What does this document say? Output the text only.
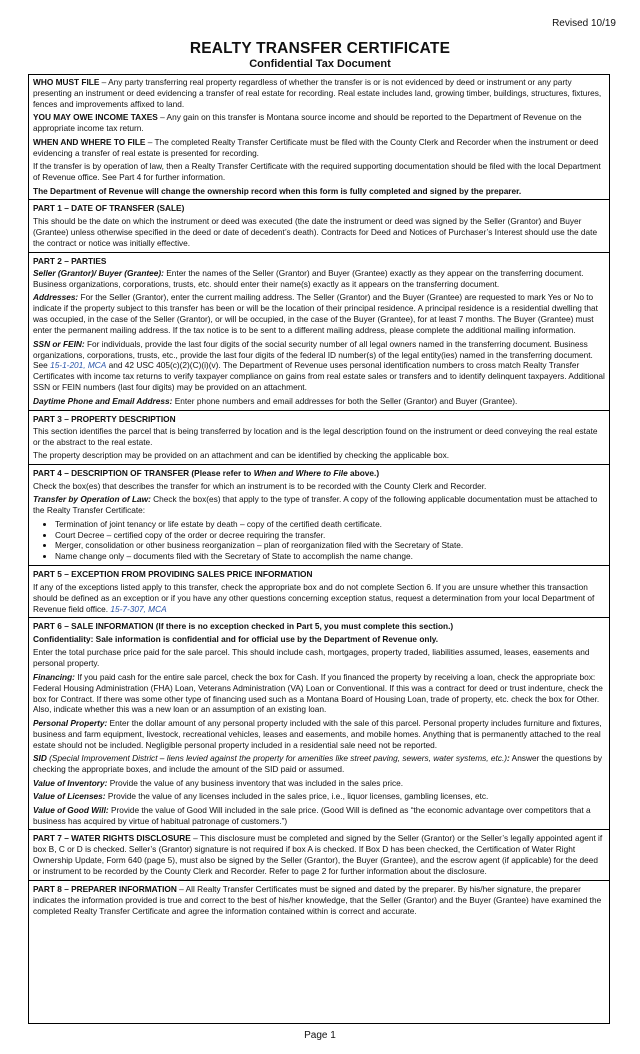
Revised 10/19
REALTY TRANSFER CERTIFICATE
Confidential Tax Document

WHO MUST FILE – Any party transferring real property regardless of whether the transfer is or is not evidenced by deed or instrument or any party presenting an instrument or deed evidencing a transfer of real estate for recording. Real estate includes land, growing timber, buildings, structures, fixtures, fences and improvements affixed to land.

YOU MAY OWE INCOME TAXES – Any gain on this transfer is Montana source income and should be reported to the Department of Revenue on the appropriate income tax return.

WHEN AND WHERE TO FILE – The completed Realty Transfer Certificate must be filed with the County Clerk and Recorder when the instrument or deed evidencing a transfer of real estate is presented for recording.

If the transfer is by operation of law, then a Realty Transfer Certificate with the required supporting documentation should be filed with the local Department of Revenue office. See Part 4 for further information.

The Department of Revenue will change the ownership record when this form is fully completed and signed by the preparer.

PART 1 – DATE OF TRANSFER (SALE)

This should be the date on which the instrument or deed was executed (the date the instrument or deed was signed by the Seller (Grantor) and Buyer (Grantee) unless otherwise specified in the deed or date of decedent’s death). Contracts for Deed and Notices of Purchaser’s Interest should use the date the contract or notice was initially effective.

PART 2 – PARTIES

Seller (Grantor)/ Buyer (Grantee): Enter the names of the Seller (Grantor) and Buyer (Grantee) exactly as they appear on the transferring document. Business organizations, corporations, trusts, etc. should enter their name(s) exactly as it appears on the transferring document.

Addresses: For the Seller (Grantor), enter the current mailing address. The Seller (Grantor) and the Buyer (Grantee) are requested to mark Yes or No to indicate if the property subject to this transfer has been or will be the location of their principal residence. A principal residence is a residential dwelling that was occupied, in the case of the Seller (Grantor), or will be occupied, in the case of the Buyer (Grantee), for at least 7 months. The Buyer (Grantee) must enter the permanent mailing address. If the tax notice is to be sent to a different mailing address, please complete the additional mailing information.

SSN or FEIN: For individuals, provide the last four digits of the social security number of all legal owners named in the transferring document. Business organizations, corporations, trusts, etc., provide the last four digits of the federal ID number(s) of the legal entity(ies) named in the transferring document. See 15-1-201, MCA and 42 USC 405(c)(2)(C)(i)(v). The Department of Revenue uses personal identification numbers to cross match Realty Transfer Certificates with income tax returns to verify taxpayer compliance on gains from real estate sales or transfers and to identify delinquent taxpayers. Additional SSN or FEIN numbers (last four digits) may be provided on an attachment.

Daytime Phone and Email Address: Enter phone numbers and email addresses for both the Seller (Grantor) and Buyer (Grantee).

PART 3 – PROPERTY DESCRIPTION

This section identifies the parcel that is being transferred by location and is the legal description found on the instrument or deed conveying the real estate or the abstract to the real estate.

The property description may be provided on an attachment and can be identified by checking the applicable box.

PART 4 – DESCRIPTION OF TRANSFER (Please refer to When and Where to File above.)

Check the box(es) that describes the transfer for which an instrument is to be recorded with the County Clerk and Recorder.

Transfer by Operation of Law: Check the box(es) that apply to the type of transfer. A copy of the following applicable documentation must be attached to the Realty Transfer Certificate:

• Termination of joint tenancy or life estate by death – copy of the certified death certificate.
• Court Decree – certified copy of the order or decree requiring the transfer.
• Merger, consolidation or other business reorganization – plan of reorganization filed with the Secretary of State.
• Name change only – documents filed with the Secretary of State to accomplish the name change.
PART 5 – EXCEPTION FROM PROVIDING SALES PRICE INFORMATION

If any of the exceptions listed apply to this transfer, check the appropriate box and do not complete Section 6. If you are unsure whether this transaction should be defined as an exception or if you have any other questions concerning exception status, request a determination from your local Department of Revenue field office. 15-7-307, MCA

PART 6 – SALE INFORMATION (If there is no exception checked in Part 5, you must complete this section.)

Confidentiality: Sale information is confidential and for official use by the Department of Revenue only.

Enter the total purchase price paid for the sale parcel. This should include cash, mortgages, property traded, liabilities assumed, leases, easements and personal property.

Financing: If you paid cash for the entire sale parcel, check the box for Cash. If you financed the property by receiving a loan, check the appropriate box: Federal Housing Administration (FHA) Loan, Veterans Administration (VA) Loan or Conventional. If this was a contract for deed or trust indenture, check the box for Contract. If there was some other type of financing used such as a Montana Board of Housing Loan, trade of property, etc. check the box for Other. Also, indicate whether this was a new loan or an assumption of an existing loan.

Personal Property: Enter the dollar amount of any personal property included with the sale of this parcel. Personal property includes furniture and fixtures, business and farm equipment, livestock, recreational vehicles, leases and easements, and mobile homes. Anything that is permanently attached to the real estate should not be included. Negligible personal property included in a residential sale need not be reported.

SID (Special Improvement District – liens levied against the property for amenities like street paving, sewers, water systems, etc.): Answer the questions by checking the appropriate boxes, and include the amount of the SID paid or assumed.

Value of Inventory: Provide the value of any business inventory that was included in the sales price.

Value of Licenses: Provide the value of any licenses included in the sales price, i.e., liquor licenses, gambling licenses, etc.

Value of Good Will: Provide the value of Good Will included in the sale price. (Good Will is defined as “the economic advantage over competitors that a business has acquired by virtue of habitual patronage of customers.”)

PART 7 – WATER RIGHTS DISCLOSURE – This disclosure must be completed and signed by the Seller (Grantor) or the Seller’s legally appointed agent if box B, C or D is checked. Seller’s (Grantor) signature is not required if box A is checked. If Box D has been checked, the Certification of Water Right Ownership Update, Form 640 (page 5), must also be signed by the Seller (Grantor), the Buyer (Grantee), and the escrow agent (if applicable) for the deed or instrument to be recorded by the County Clerk and Recorder. Refer to page 2 for further information about the disclosure.

PART 8 – PREPARER INFORMATION – All Realty Transfer Certificates must be signed and dated by the preparer. By his/her signature, the preparer indicates the information provided is true and correct to the best of his/her knowledge, that the Seller (Grantor) and the Buyer (Grantee) have examined the completed Realty Transfer Certificate and agree the information contained within is correct and accurate.

Page 1
